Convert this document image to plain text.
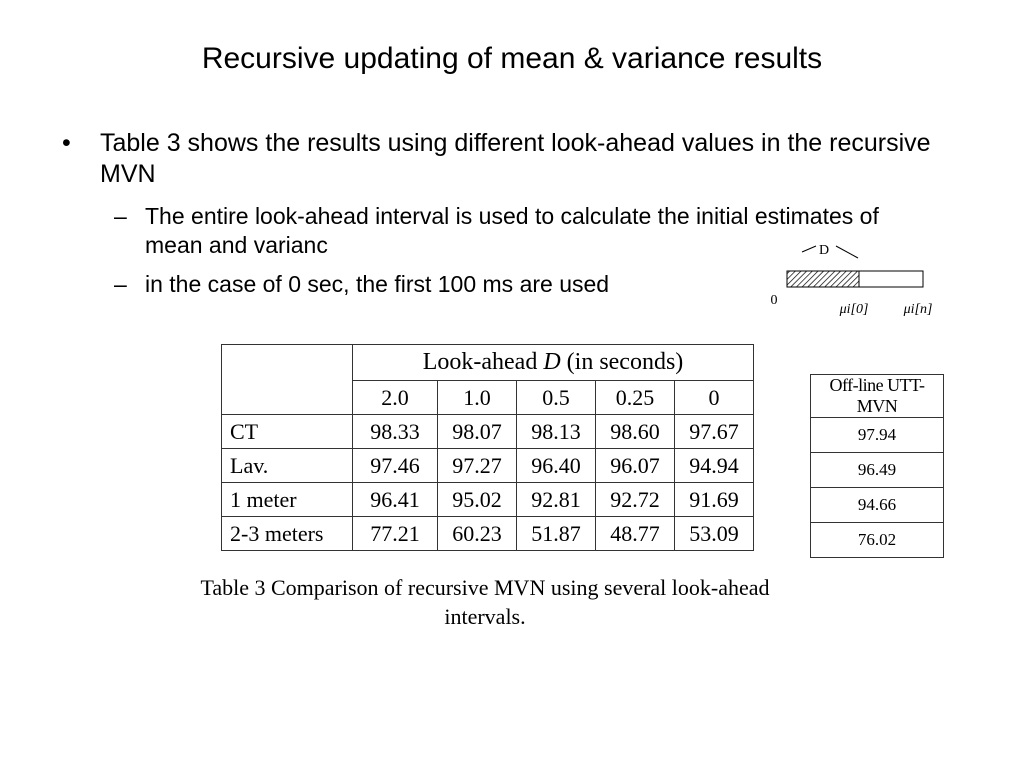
Recursive updating of mean & variance results
• Table 3 shows the results using different look-ahead values in the recursive MVN
– The entire look-ahead interval is used to calculate the initial estimates of mean and varianc
– in the case of 0 sec, the first 100 ms are used
D
0
μi[0]	μi[n]
	Look-ahead D (in seconds)				
	2.0	1.0	0.5	0.25	0
CT	98.33	98.07	98.13	98.60	97.67
Lav.	97.46	97.27	96.40	96.07	94.94
1 meter	96.41	95.02	92.81	92.72	91.69
2-3 meters	77.21	60.23	51.87	48.77	53.09
Off-line UTT-MVN
97.94
96.49
94.66
76.02
Table 3 Comparison of recursive MVN using several look-ahead
intervals.
